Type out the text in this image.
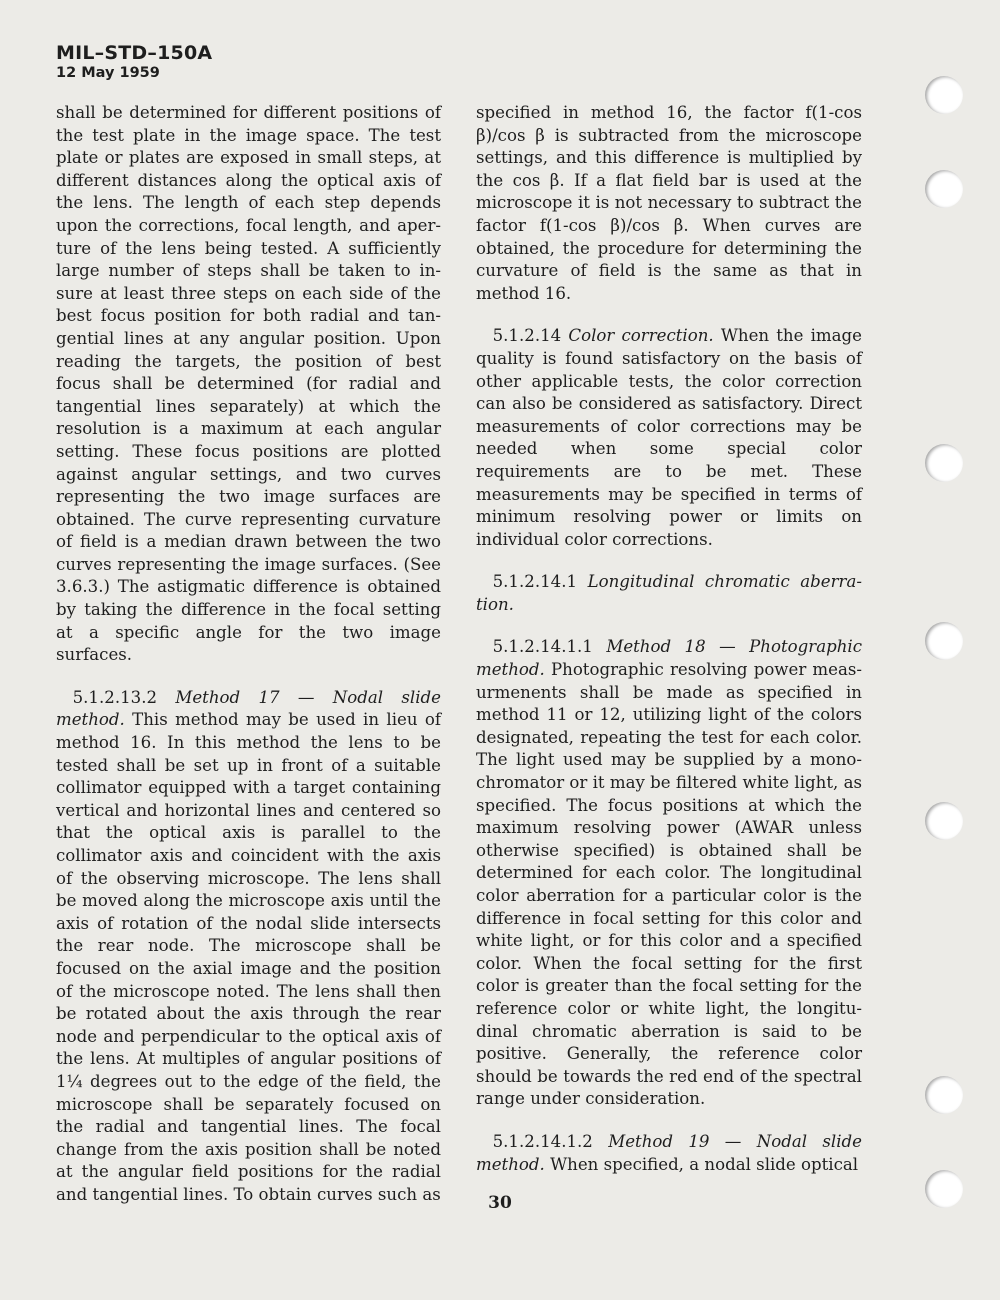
MIL–STD–150A
12 May 1959

shall be determined for different positions of the test plate in the image space. The test plate or plates are exposed in small steps, at different distances along the optical axis of the lens. The length of each step depends upon the corrections, focal length, and aperture of the lens being tested. A sufficiently large number of steps shall be taken to insure at least three steps on each side of the best focus position for both radial and tangential lines at any angular position. Upon reading the targets, the position of best focus shall be determined (for radial and tangential lines separately) at which the resolution is a maximum at each angular setting. These focus positions are plotted against angular settings, and two curves representing the two image surfaces are obtained. The curve representing curvature of field is a median drawn between the two curves representing the image surfaces. (See 3.6.3.) The astigmatic difference is obtained by taking the difference in the focal setting at a specific angle for the two image surfaces.

 5.1.2.13.2 Method 17 — Nodal slide method. This method may be used in lieu of method 16. In this method the lens to be tested shall be set up in front of a suitable collimator equipped with a target containing vertical and horizontal lines and centered so that the optical axis is parallel to the collimator axis and coincident with the axis of the observing microscope. The lens shall be moved along the microscope axis until the axis of rotation of the nodal slide intersects the rear node. The microscope shall be focused on the axial image and the position of the microscope noted. The lens shall then be rotated about the axis through the rear node and perpendicular to the optical axis of the lens. At multiples of angular positions of 1¼ degrees out to the edge of the field, the microscope shall be separately focused on the radial and tangential lines. The focal change from the axis position shall be noted at the angular field positions for the radial and tangential lines. To obtain curves such as

specified in method 16, the factor f(1-cos β)/cos β is subtracted from the microscope settings, and this difference is multiplied by the cos β. If a flat field bar is used at the microscope it is not necessary to subtract the factor f(1-cos β)/cos β. When curves are obtained, the procedure for determining the curvature of field is the same as that in method 16.

 5.1.2.14 Color correction. When the image quality is found satisfactory on the basis of other applicable tests, the color correction can also be considered as satisfactory. Direct measurements of color corrections may be needed when some special color requirements are to be met. These measurements may be specified in terms of minimum resolving power or limits on individual color corrections.

 5.1.2.14.1 Longitudinal chromatic aberration.

 5.1.2.14.1.1 Method 18 — Photographic method. Photographic resolving power measurmenents shall be made as specified in method 11 or 12, utilizing light of the colors designated, repeating the test for each color. The light used may be supplied by a monochromator or it may be filtered white light, as specified. The focus positions at which the maximum resolving power (AWAR unless otherwise specified) is obtained shall be determined for each color. The longitudinal color aberration for a particular color is the difference in focal setting for this color and white light, or for this color and a specified color. When the focal setting for the first color is greater than the focal setting for the reference color or white light, the longitudinal chromatic aberration is said to be positive. Generally, the reference color should be towards the red end of the spectral range under consideration.

 5.1.2.14.1.2 Method 19 — Nodal slide method. When specified, a nodal slide optical

30
